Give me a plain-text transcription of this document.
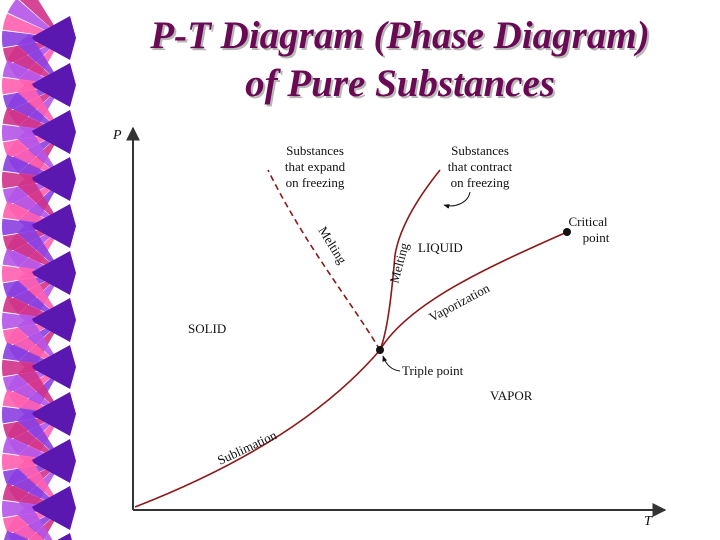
P-T Diagram (Phase Diagram)
of Pure Substances
P
T
SOLID
LIQUID
VAPOR
Sublimation
Vaporization
Melting	Melting
Substances
that expand
on freezing
Substances
that contract
on freezing
Critical
point
Triple point
